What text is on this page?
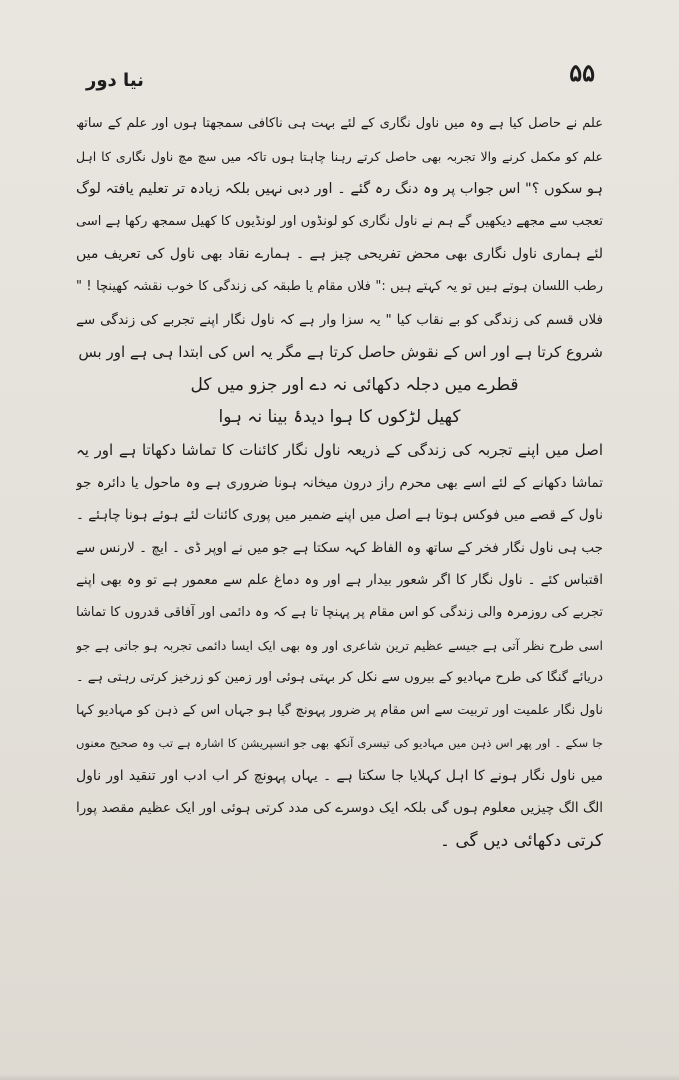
۵۵
نیا دور
علم نے حاصل کیا ہے وہ میں ناول نگاری کے لئے بہت ہی ناکافی سمجھتا ہوں اور علم کے ساتھ
علم کو مکمل کرنے والا تجربہ بھی حاصل کرتے رہنا چاہتا ہوں تاکہ میں سچ مچ ناول نگاری کا اہل
ہو سکوں ؟" اس جواب پر وہ دنگ رہ گئے ۔ اور دبی نہیں بلکہ زیادہ تر تعلیم یافتہ لوگ
تعجب سے مجھے دیکھیں گے ہم نے ناول نگاری کو لونڈوں اور لونڈیوں کا کھیل سمجھ رکھا ہے اسی
لئے ہماری ناول نگاری بھی محض تفریحی چیز ہے ۔ ہمارے نقاد بھی ناول کی تعریف میں
رطب اللسان ہوتے ہیں تو یہ کہتے ہیں :" فلاں مقام یا طبقہ کی زندگی کا خوب نقشہ کھینچا ! "
فلاں قسم کی زندگی کو بے نقاب کیا " یہ سزا وار ہے کہ ناول نگار اپنے تجربے کی زندگی سے
شروع کرتا ہے اور اس کے نقوش حاصل کرتا ہے مگر یہ اس کی ابتدا ہی ہے اور بس
قطرے میں دجلہ دکھائی نہ دے اور جزو میں کل
کھیل لڑکوں کا ہوا دیدۂ بینا نہ ہوا
اصل میں اپنے تجربہ کی زندگی کے ذریعہ ناول نگار کائنات کا تماشا دکھاتا ہے اور یہ
تماشا دکھانے کے لئے اسے بھی محرم راز درون میخانہ ہونا ضروری ہے وہ ماحول یا دائرہ جو
ناول کے قصے میں فوکس ہوتا ہے اصل میں اپنے ضمیر میں پوری کائنات لئے ہوئے ہونا چاہئے ۔
جب ہی ناول نگار فخر کے ساتھ وہ الفاظ کہہ سکتا ہے جو میں نے اوپر ڈی ۔ ایچ ۔ لارنس سے
اقتباس کئے ۔ ناول نگار کا اگر شعور بیدار ہے اور وہ دماغ علم سے معمور ہے تو وہ بھی اپنے
تجربے کی روزمرہ والی زندگی کو اس مقام پر پہنچا تا ہے کہ وہ دائمی اور آفاقی قدروں کا تماشا
اسی طرح نظر آتی ہے جیسے عظیم ترین شاعری اور وہ بھی ایک ایسا دائمی تجربہ ہو جاتی ہے جو
دریائے گنگا کی طرح مہادیو کے بیروں سے نکل کر بہتی ہوئی اور زمین کو زرخیز کرتی رہتی ہے ۔
ناول نگار علمیت اور تربیت سے اس مقام پر ضرور پہونچ گیا ہو جہاں اس کے ذہن کو مہادیو کہا
جا سکے ۔ اور پھر اس ذہن میں مہادیو کی تیسری آنکھ بھی جو انسپریشن کا اشارہ ہے تب وہ صحیح معنوں
میں ناول نگار ہونے کا اہل کہلایا جا سکتا ہے ۔ یہاں پہونچ کر اب ادب اور تنقید اور ناول
الگ الگ چیزیں معلوم ہوں گی بلکہ ایک دوسرے کی مدد کرتی ہوئی اور ایک عظیم مقصد پورا
کرتی دکھائی دیں گی ۔
